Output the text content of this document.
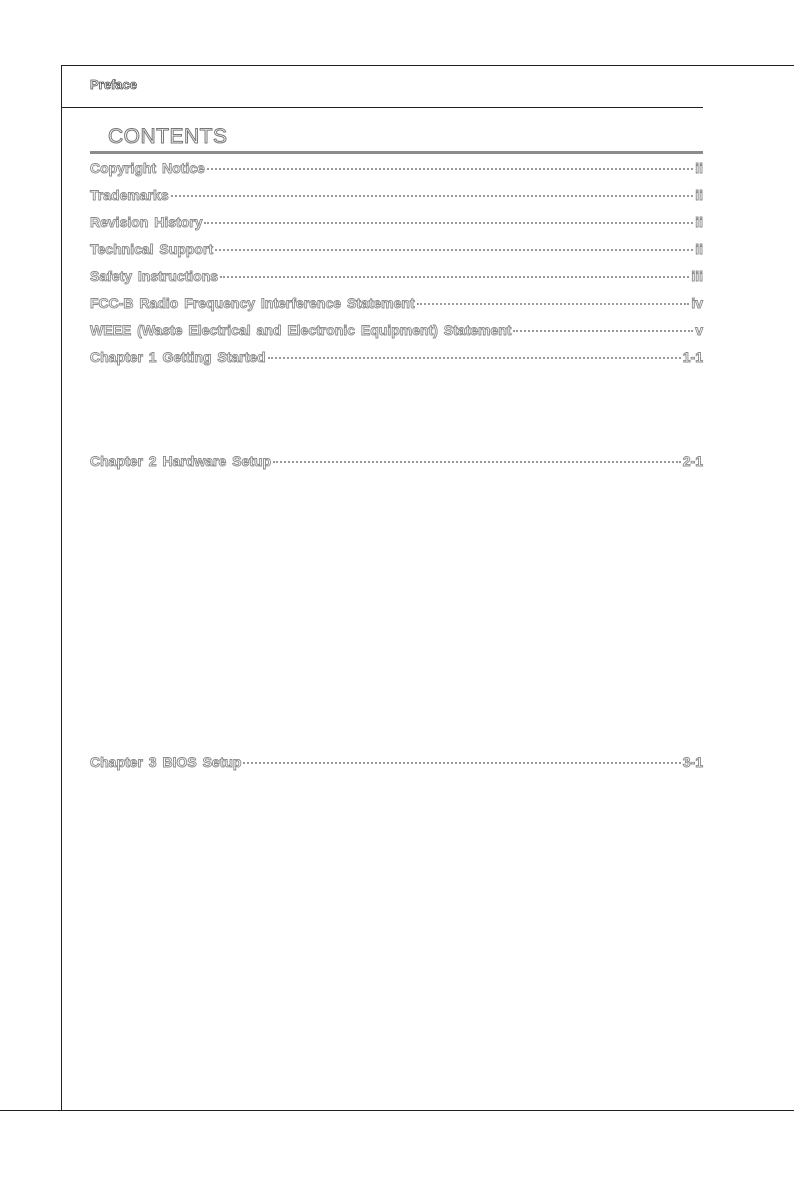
Preface
CONTENTS
Copyright Notice	ii
Trademarks	ii
Revision History	ii
Technical Support	ii
Safety Instructions	iii
FCC-B Radio Frequency Interference Statement	iv
WEEE (Waste Electrical and Electronic Equipment) Statement	v
Chapter 1 Getting Started	1-1
Chapter 2 Hardware Setup	2-1
Chapter 3 BIOS Setup	3-1
